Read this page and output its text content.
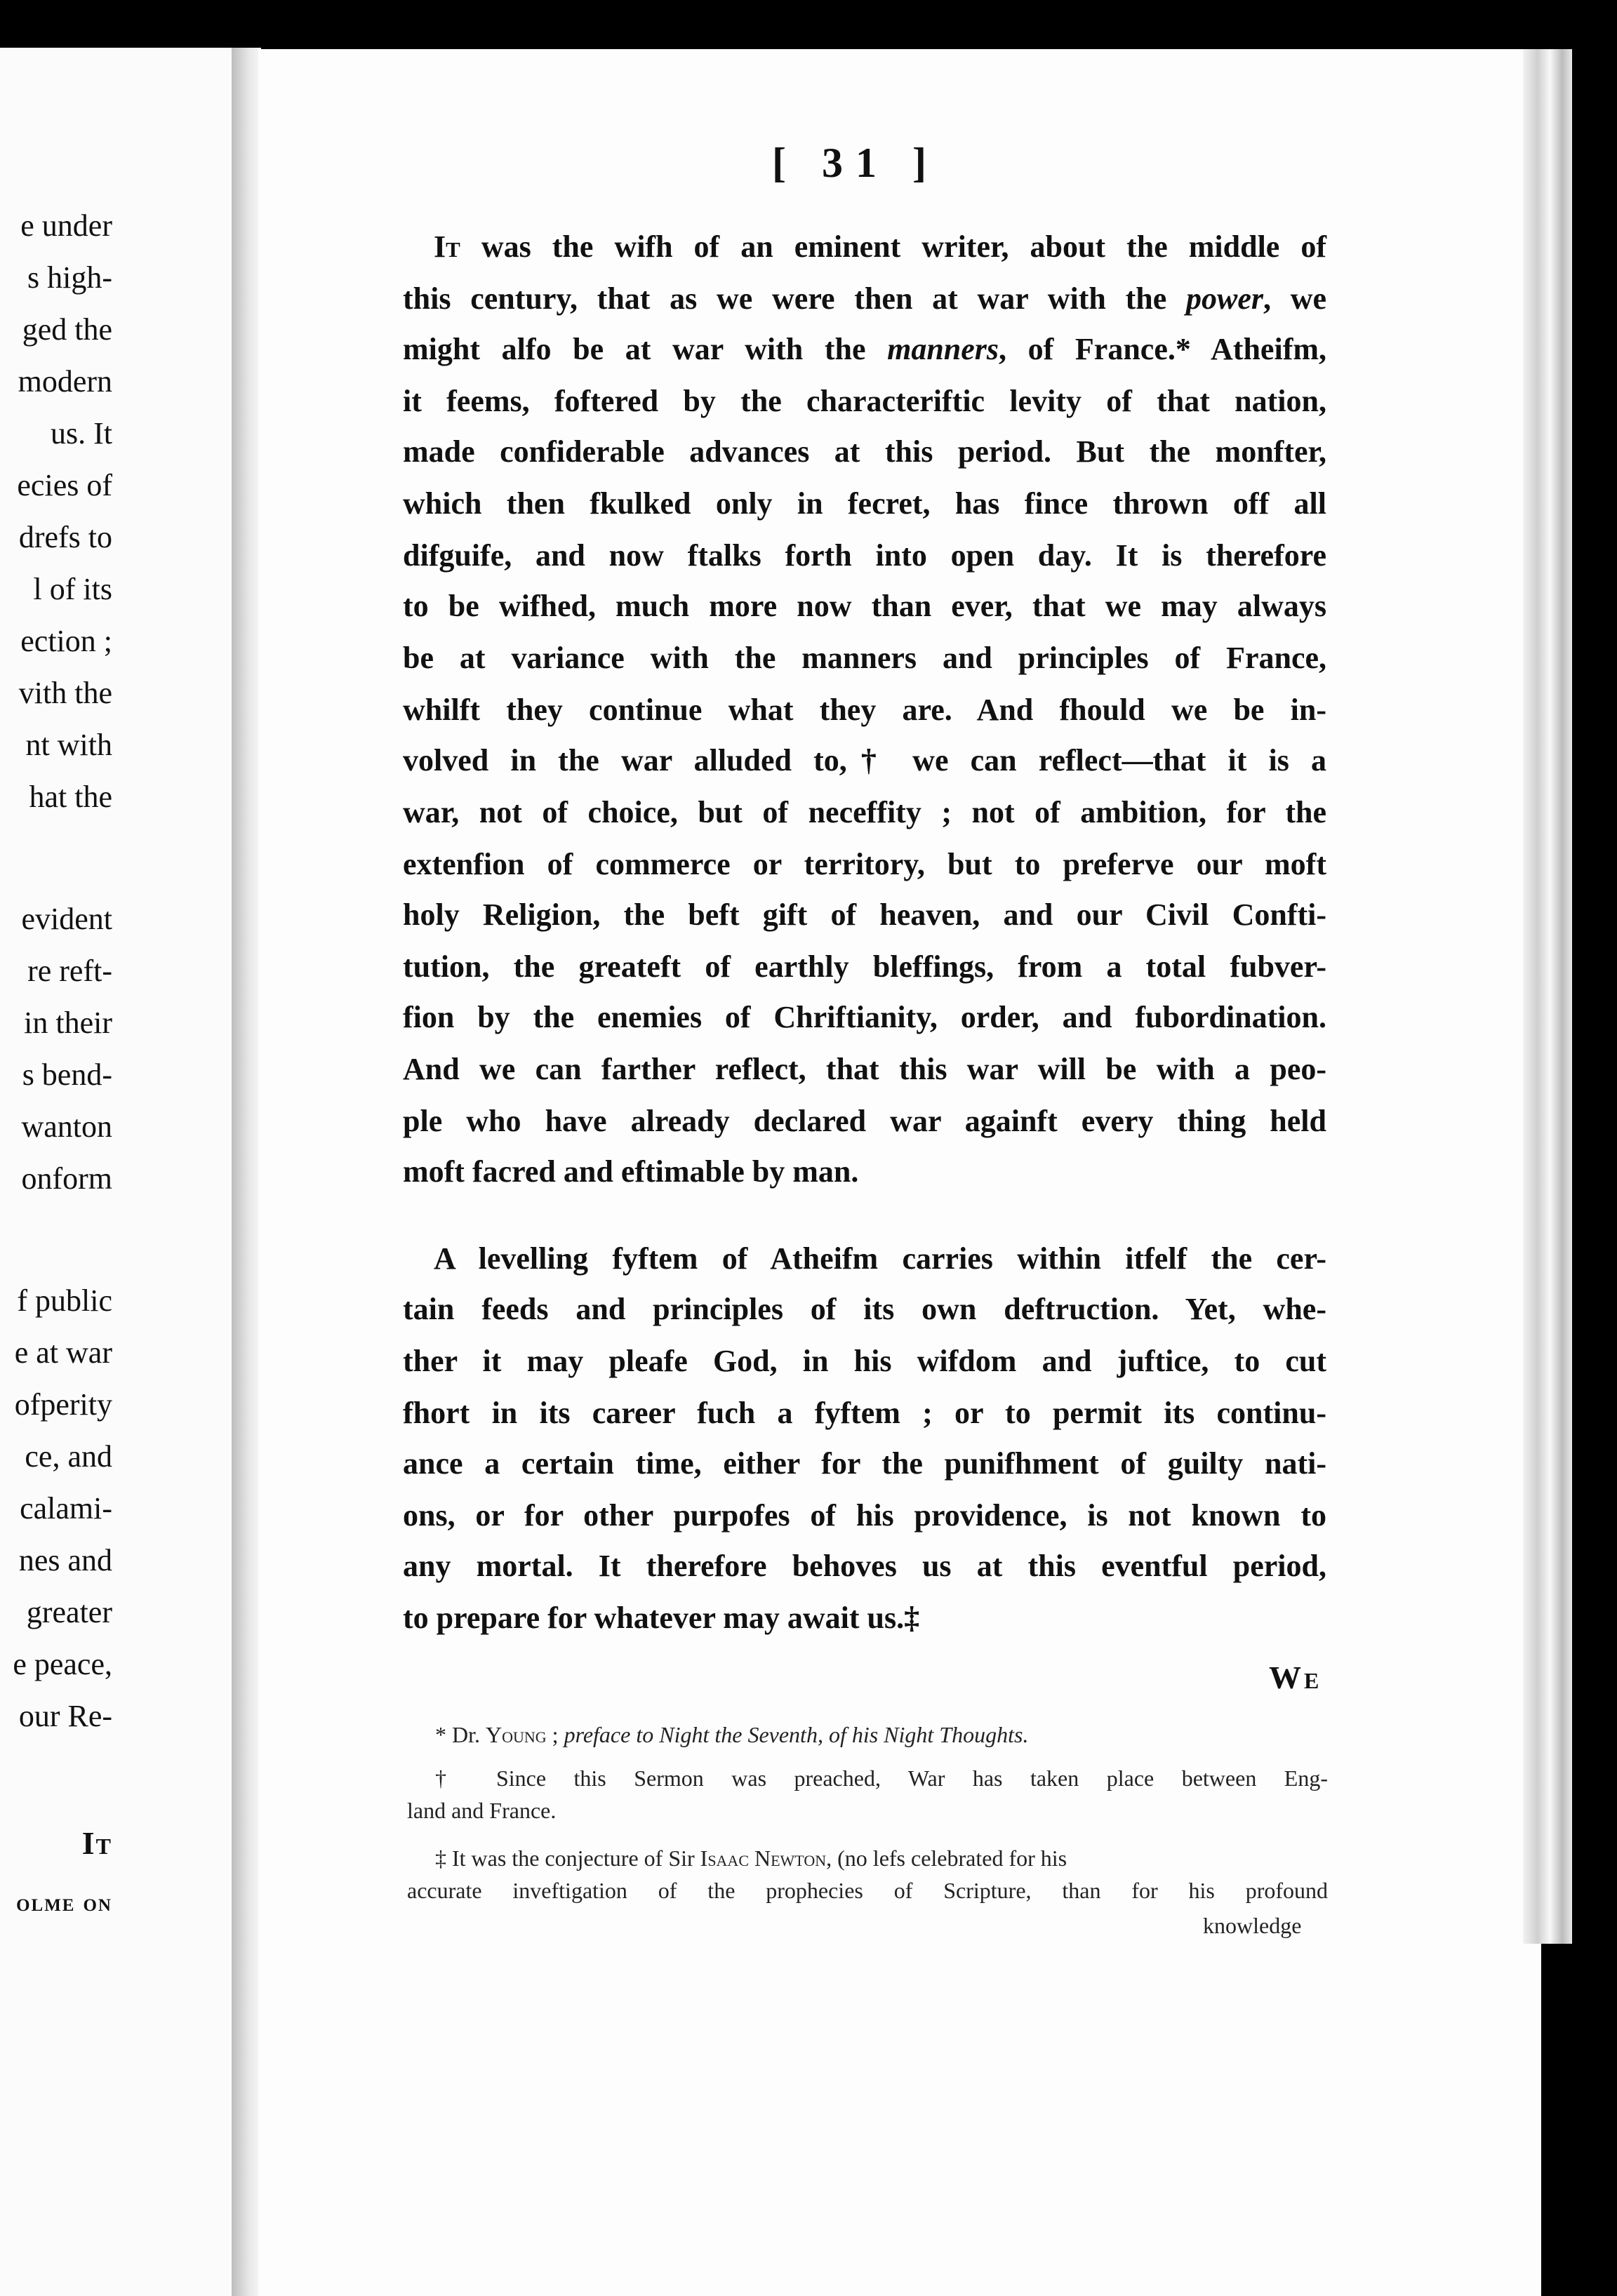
e under
s high-
ged the
modern
us. It
ecies of
drefs to
l of its
ection ;
vith the
nt with
hat the
evident
re reft-
in their
s bend-
wanton
onform
f public
e at war
ofperity
ce, and
calami-
nes and
greater
e peace,
our Re-
It
olme on
[ 31 ]
It was the wifh of an eminent writer, about the middle of
this century, that as we were then at war with the power, we
might alfo be at war with the manners, of France.* Atheifm,
it feems, foftered by the characteriftic levity of that nation,
made confiderable advances at this period. But the monfter,
which then fkulked only in fecret, has fince thrown off all
difguife, and now ftalks forth into open day. It is therefore
to be wifhed, much more now than ever, that we may always
be at variance with the manners and principles of France,
whilft they continue what they are. And fhould we be in-
volved in the war alluded to,† we can reflect—that it is a
war, not of choice, but of neceffity ; not of ambition, for the
extenfion of commerce or territory, but to preferve our moft
holy Religion, the beft gift of heaven, and our Civil Confti-
tution, the greateft of earthly bleffings, from a total fubver-
fion by the enemies of Chriftianity, order, and fubordination.
And we can farther reflect, that this war will be with a peo-
ple who have already declared war againft every thing held
moft facred and eftimable by man.
A levelling fyftem of Atheifm carries within itfelf the cer-
tain feeds and principles of its own deftruction. Yet, whe-
ther it may pleafe God, in his wifdom and juftice, to cut
fhort in its career fuch a fyftem ; or to permit its continu-
ance a certain time, either for the punifhment of guilty nati-
ons, or for other purpofes of his providence, is not known to
any mortal. It therefore behoves us at this eventful period,
to prepare for whatever may await us.‡
We
* Dr. Young ; preface to Night the Seventh, of his Night Thoughts.
† Since this Sermon was preached, War has taken place between Eng-
land and France.
‡ It was the conjecture of Sir Isaac Newton, (no lefs celebrated for his
accurate inveftigation of the prophecies of Scripture, than for his profound
knowledge
